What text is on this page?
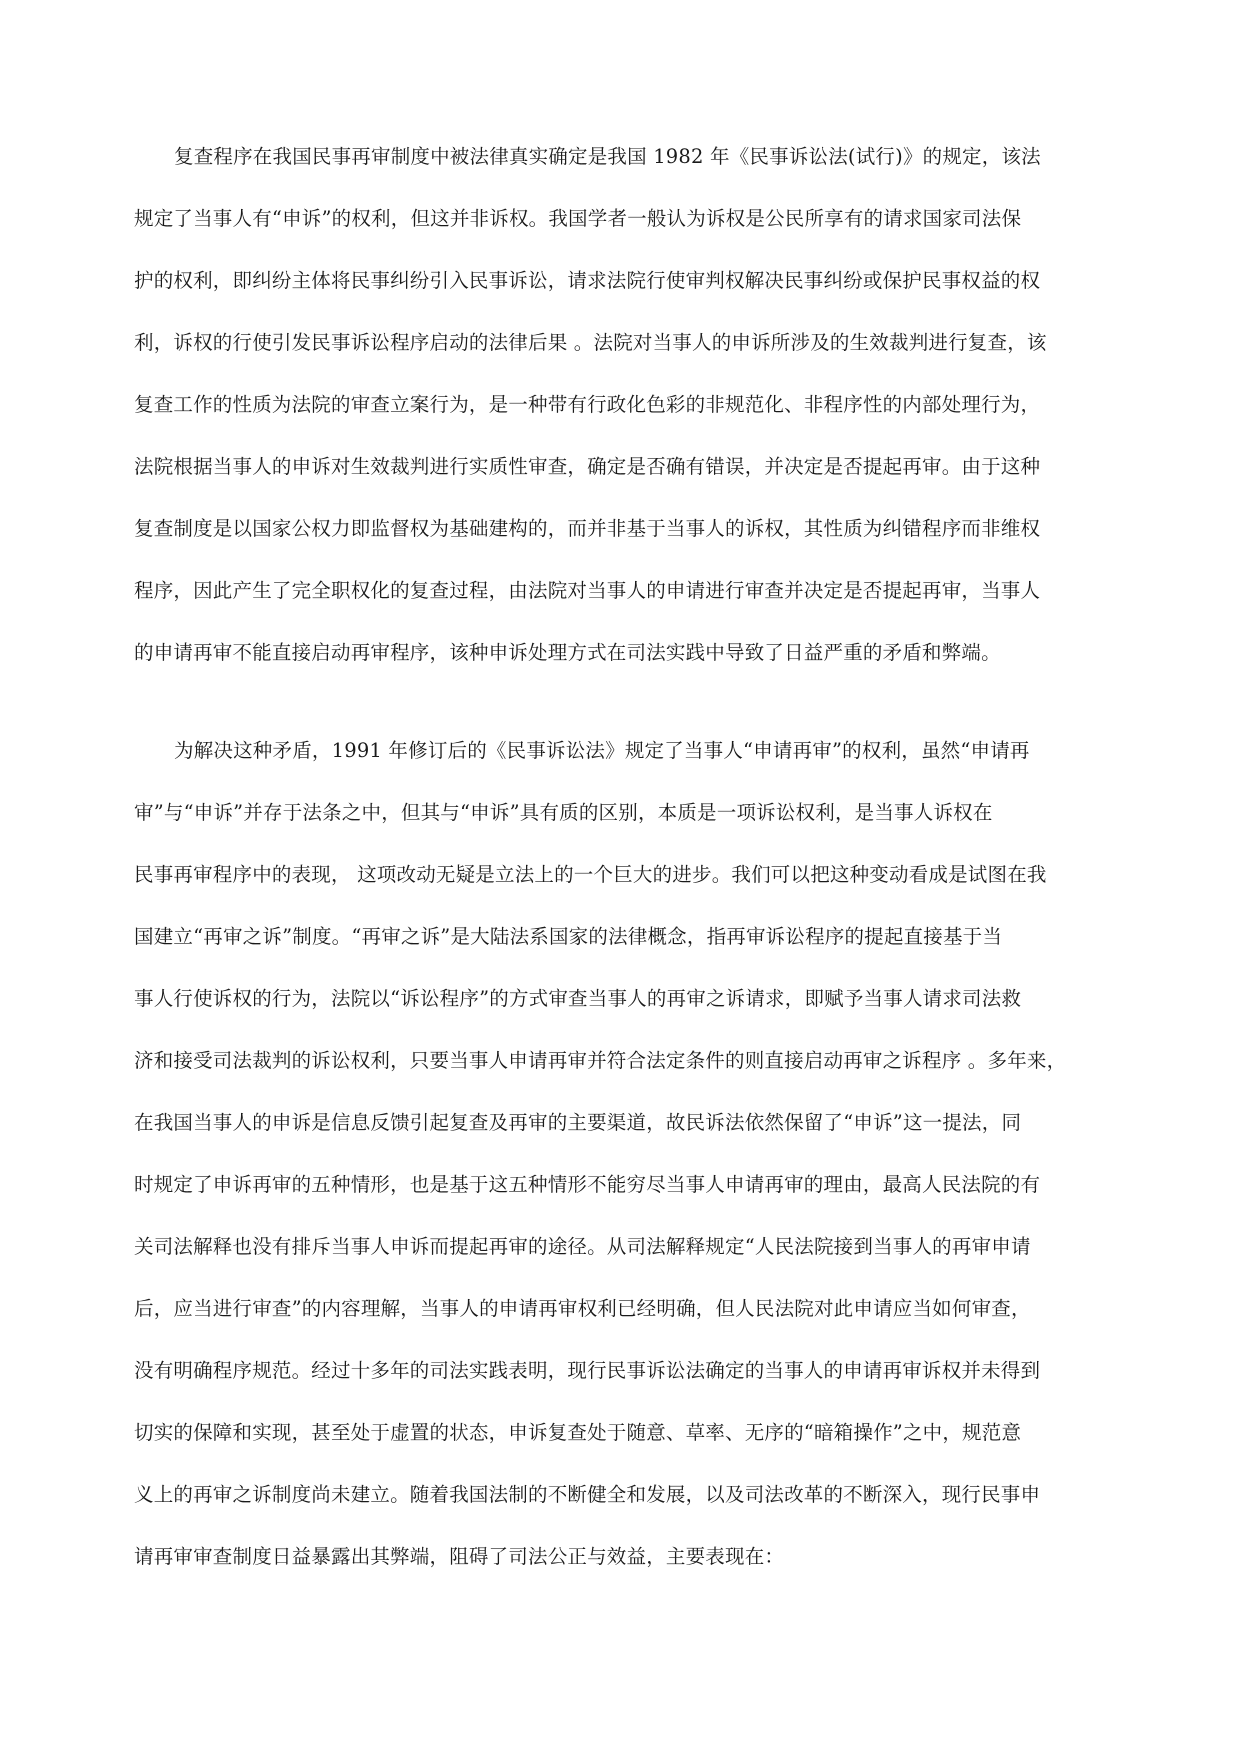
复查程序在我国民事再审制度中被法律真实确定是我国 1982 年《民事诉讼法(试行)》的规定，该法
规定了当事人有“申诉”的权利，但这并非诉权。我国学者一般认为诉权是公民所享有的请求国家司法保
护的权利，即纠纷主体将民事纠纷引入民事诉讼，请求法院行使审判权解决民事纠纷或保护民事权益的权
利，诉权的行使引发民事诉讼程序启动的法律后果 。法院对当事人的申诉所涉及的生效裁判进行复查，该
复查工作的性质为法院的审查立案行为，是一种带有行政化色彩的非规范化、非程序性的内部处理行为，
法院根据当事人的申诉对生效裁判进行实质性审查，确定是否确有错误，并决定是否提起再审。由于这种
复查制度是以国家公权力即监督权为基础建构的，而并非基于当事人的诉权，其性质为纠错程序而非维权
程序，因此产生了完全职权化的复查过程，由法院对当事人的申请进行审查并决定是否提起再审，当事人
的申请再审不能直接启动再审程序，该种申诉处理方式在司法实践中导致了日益严重的矛盾和弊端。
为解决这种矛盾，1991 年修订后的《民事诉讼法》规定了当事人“申请再审”的权利，虽然“申请再
审”与“申诉”并存于法条之中，但其与“申诉”具有质的区别，本质是一项诉讼权利，是当事人诉权在
民事再审程序中的表现， 这项改动无疑是立法上的一个巨大的进步。我们可以把这种变动看成是试图在我
国建立“再审之诉”制度。“再审之诉”是大陆法系国家的法律概念，指再审诉讼程序的提起直接基于当
事人行使诉权的行为，法院以“诉讼程序”的方式审查当事人的再审之诉请求，即赋予当事人请求司法救
济和接受司法裁判的诉讼权利，只要当事人申请再审并符合法定条件的则直接启动再审之诉程序 。多年来，
在我国当事人的申诉是信息反馈引起复查及再审的主要渠道，故民诉法依然保留了“申诉”这一提法，同
时规定了申诉再审的五种情形，也是基于这五种情形不能穷尽当事人申请再审的理由，最高人民法院的有
关司法解释也没有排斥当事人申诉而提起再审的途径。从司法解释规定“人民法院接到当事人的再审申请
后，应当进行审查”的内容理解，当事人的申请再审权利已经明确，但人民法院对此申请应当如何审查，
没有明确程序规范。经过十多年的司法实践表明，现行民事诉讼法确定的当事人的申请再审诉权并未得到
切实的保障和实现，甚至处于虚置的状态，申诉复查处于随意、草率、无序的“暗箱操作”之中，规范意
义上的再审之诉制度尚未建立。随着我国法制的不断健全和发展，以及司法改革的不断深入，现行民事申
请再审审查制度日益暴露出其弊端，阻碍了司法公正与效益，主要表现在：
